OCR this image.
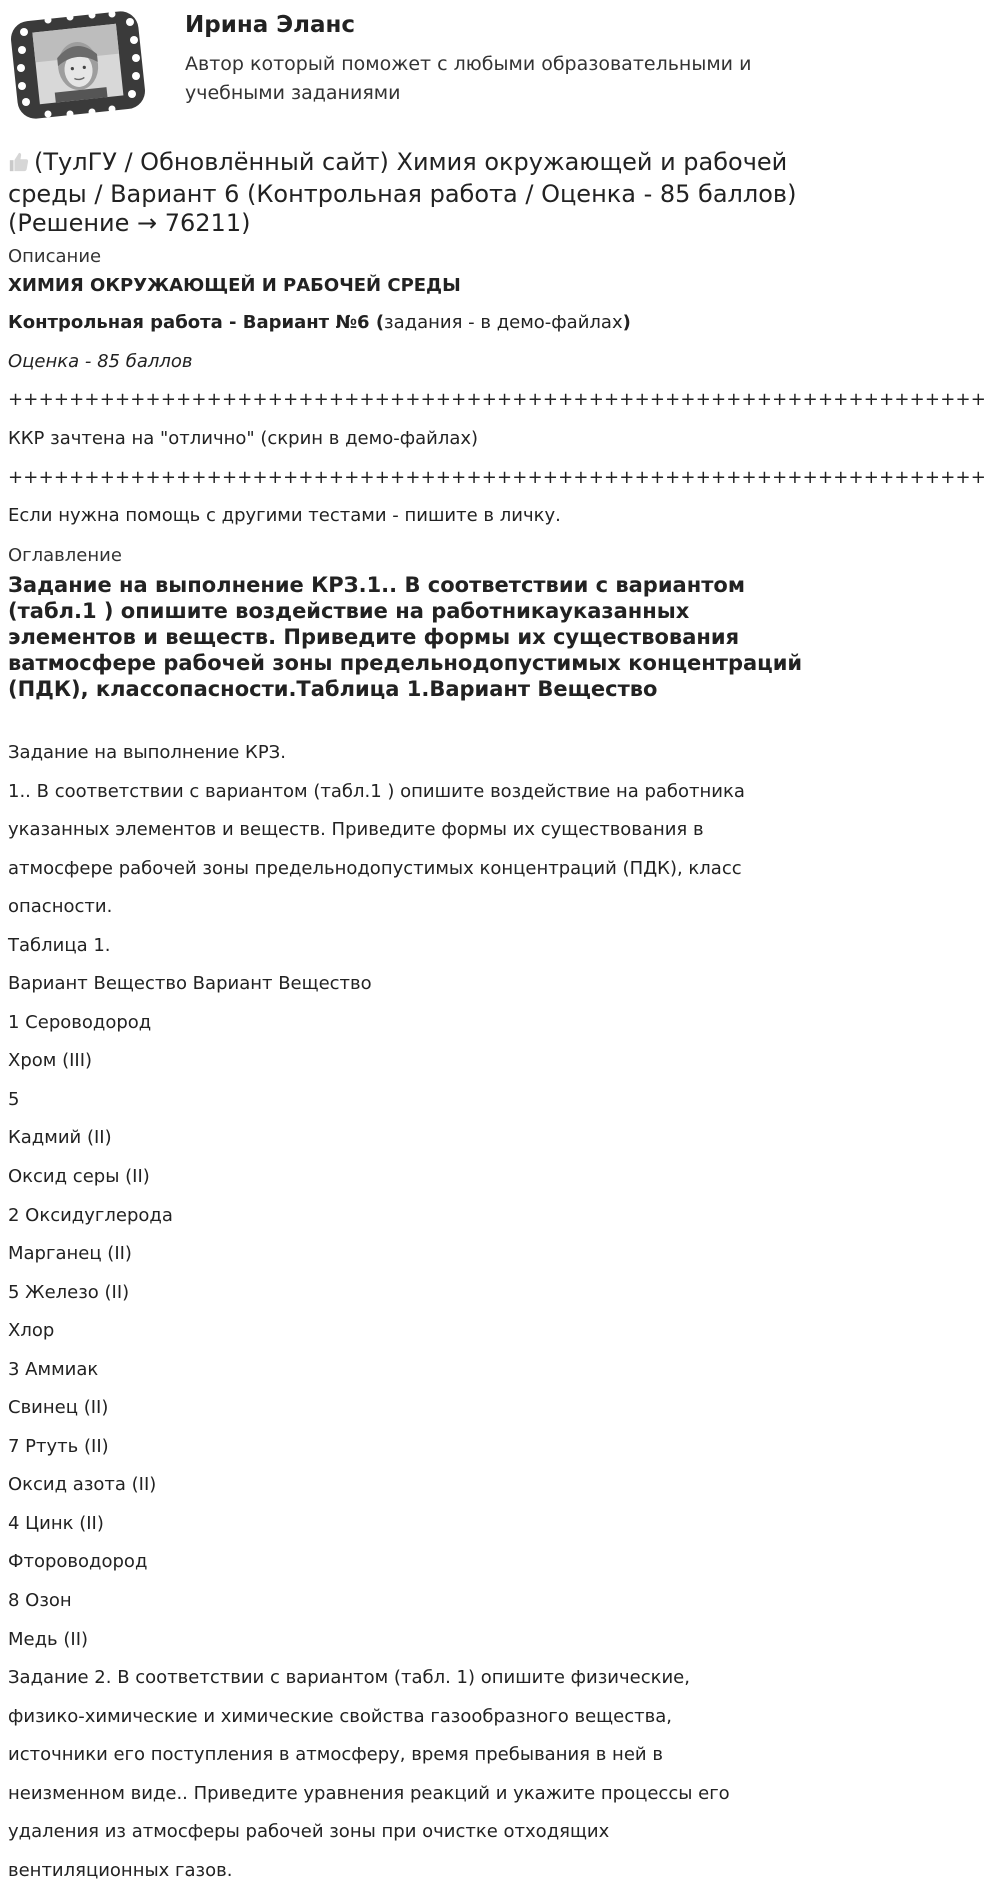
Ирина Эланс
Автор который поможет с любыми образовательными и учебными заданиями
(ТулГУ / Обновлённый сайт) Химия окружающей и рабочей среды / Вариант 6 (Контрольная работа / Оценка - 85 баллов) (Решение → 76211)
Описание
ХИМИЯ ОКРУЖАЮЩЕЙ И РАБОЧЕЙ СРЕДЫ
Контрольная работа - Вариант №6 (задания - в демо-файлах)
Оценка - 85 баллов
++++++++++++++++++++++++++++++++++++++++++++++++++++++++++++++++
ККР зачтена на "отлично" (скрин в демо-файлах)
++++++++++++++++++++++++++++++++++++++++++++++++++++++++++++++++
Если нужна помощь с другими тестами - пишите в личку.
Оглавление
Задание на выполнение КРЗ.1.. В соответствии с вариантом (табл.1 ) опишите воздействие на работникауказанных элементов и веществ. Приведите формы их существования ватмосфере рабочей зоны предельнодопустимых концентраций (ПДК), классопасности.Таблица 1.Вариант Вещество
Задание на выполнение КРЗ.
1.. В соответствии с вариантом (табл.1 ) опишите воздействие на работника
указанных элементов и веществ. Приведите формы их существования в
атмосфере рабочей зоны предельнодопустимых концентраций (ПДК), класс
опасности.
Таблица 1.
Вариант Вещество Вариант Вещество
1 Сероводород
Хром (III)
5
Кадмий (II)
Оксид серы (II)
2 Оксидуглерода
Марганец (II)
5 Железо (II)
Хлор
3 Аммиак
Свинец (II)
7 Ртуть (II)
Оксид азота (II)
4 Цинк (II)
Фтороводород
8 Озон
Медь (II)
Задание 2. В соответствии с вариантом (табл. 1) опишите физические,
физико-химические и химические свойства газообразного вещества,
источники его поступления в атмосферу, время пребывания в ней в
неизменном виде.. Приведите уравнения реакций и укажите процессы его
удаления из атмосферы рабочей зоны при очистке отходящих
вентиляционных газов.
